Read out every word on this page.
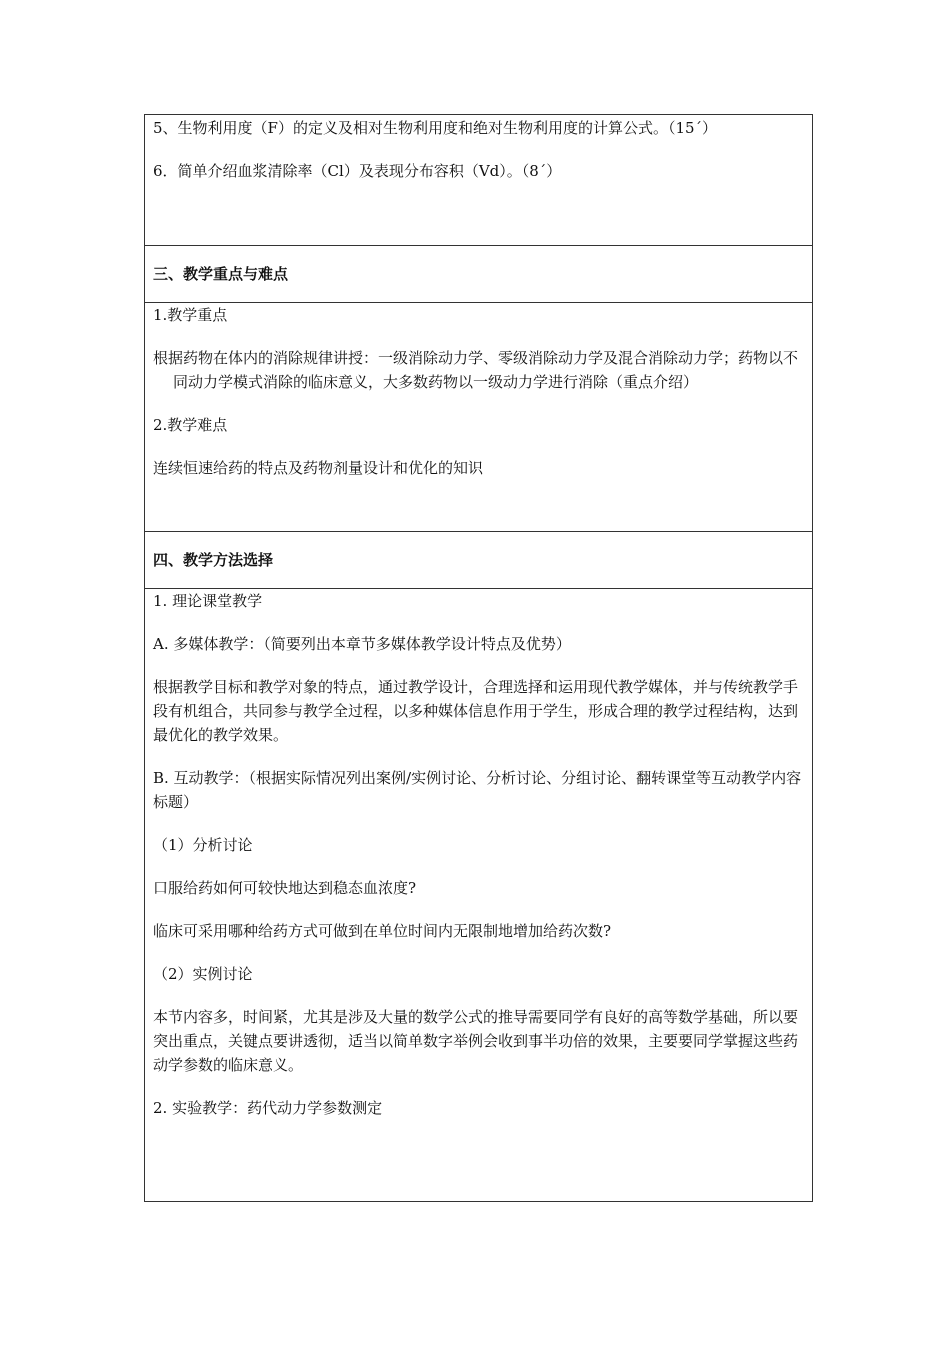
5、生物利用度（F）的定义及相对生物利用度和绝对生物利用度的计算公式。（15´）

6．简单介绍血浆清除率（Cl）及表现分布容积（Vd）。（8´）

三、教学重点与难点

1.教学重点

根据药物在体内的消除规律讲授：一级消除动力学、零级消除动力学及混合消除动力学；药物以不同动力学模式消除的临床意义，大多数药物以一级动力学进行消除（重点介绍）

2.教学难点

连续恒速给药的特点及药物剂量设计和优化的知识

四、教学方法选择

1. 理论课堂教学

A. 多媒体教学：（简要列出本章节多媒体教学设计特点及优势）

根据教学目标和教学对象的特点，通过教学设计，合理选择和运用现代教学媒体，并与传统教学手段有机组合，共同参与教学全过程，以多种媒体信息作用于学生，形成合理的教学过程结构，达到最优化的教学效果。

B. 互动教学：（根据实际情况列出案例/实例讨论、分析讨论、分组讨论、翻转课堂等互动教学内容标题）

（1）分析讨论

口服给药如何可较快地达到稳态血浓度?

临床可采用哪种给药方式可做到在单位时间内无限制地增加给药次数?

（2）实例讨论

本节内容多，时间紧，尤其是涉及大量的数学公式的推导需要同学有良好的高等数学基础，所以要突出重点，关键点要讲透彻，适当以简单数字举例会收到事半功倍的效果，主要要同学掌握这些药动学参数的临床意义。

2. 实验教学：药代动力学参数测定
